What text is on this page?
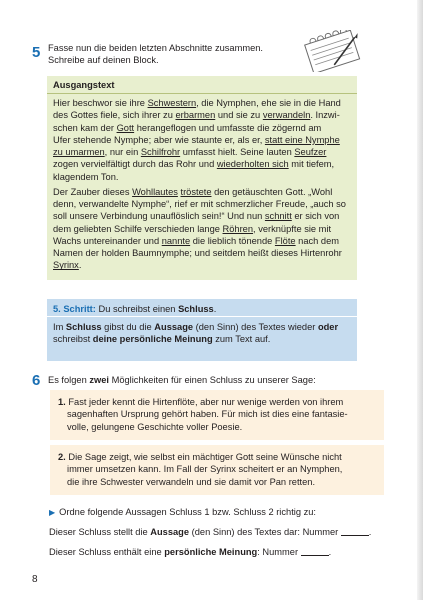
5 Fasse nun die beiden letzten Abschnitte zusammen.
Schreibe auf deinen Block.
Ausgangstext
Hier beschwor sie ihre Schwestern, die Nymphen, ehe sie in die Hand
des Gottes fiele, sich ihrer zu erbarmen und sie zu verwandeln. Inzwi-
schen kam der Gott herangeflogen und umfasste die zögernd am
Ufer stehende Nymphe; aber wie staunte er, als er, statt eine Nymphe
zu umarmen, nur ein Schilfrohr umfasst hielt. Seine lauten Seufzer
zogen vervielfältigt durch das Rohr und wiederholten sich mit tiefem,
klagendem Ton.
Der Zauber dieses Wohllautes tröstete den getäuschten Gott. „Wohl
denn, verwandelte Nymphe“, rief er mit schmerzlicher Freude, „auch so
soll unsere Verbindung unauflöslich sein!“ Und nun schnitt er sich von
dem geliebten Schilfe verschieden lange Röhren, verknüpfte sie mit
Wachs untereinander und nannte die lieblich tönende Flöte nach dem
Namen der holden Baumnymphe; und seitdem heißt dieses Hirtenrohr
Syrinx.
5. Schritt: Du schreibst einen Schluss.
Im Schluss gibst du die Aussage (den Sinn) des Textes wieder oder
schreibst deine persönliche Meinung zum Text auf.
6 Es folgen zwei Möglichkeiten für einen Schluss zu unserer Sage:
1. Fast jeder kennt die Hirtenflöte, aber nur wenige werden von ihrem
sagenhaften Ursprung gehört haben. Für mich ist dies eine fantasie-
volle, gelungene Geschichte voller Poesie.
2. Die Sage zeigt, wie selbst ein mächtiger Gott seine Wünsche nicht
immer umsetzen kann. Im Fall der Syrinx scheitert er an Nymphen,
die ihre Schwester verwandeln und sie damit vor Pan retten.
▶ Ordne folgende Aussagen Schluss 1 bzw. Schluss 2 richtig zu:
Dieser Schluss stellt die Aussage (den Sinn) des Textes dar: Nummer	.
Dieser Schluss enthält eine persönliche Meinung: Nummer	.
8
